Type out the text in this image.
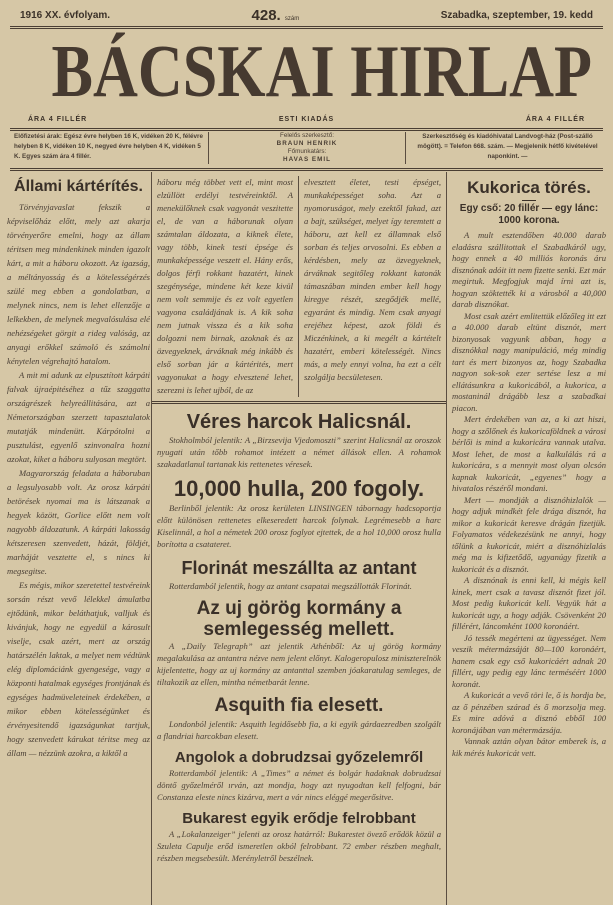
1916 XX. évfolyam.	428. szám	Szabadka, szeptember, 19. kedd
BÁCSKAI HIRLAP
ÁRA 4 FILLÉR	ESTI KIADÁS	ÁRA 4 FILLÉR
Előfizetési árak: Egész évre helyben 16 K, vidéken 20 K, félévre helyben 8 K, vidéken 10 K, negyed évre helyben 4 K, vidéken 5 K. Egyes szám ára 4 fillér.
Felelős szerkesztő:
BRAUN HENRIK
Főmunkatárs:
HAVAS EMIL
Szerkesztőség és kiadóhivatal Landvogt-ház (Post-szálló mögött). = Telefon 668. szám. — Megjelenik hétfő kivételével naponkint. —
Állami kártérítés.

Törvényjavaslat fekszik a képviselőház előtt, mely azt akarja törvényerőre emelni, hogy az állam téritsen meg mindenkinek minden igazolt kárt, a mit a háboru okozott. Az igazság, a méltányosság és a kötelességérzés szülé meg ebben a gondolatban, a melynek nincs, nem is lehet ellenzője a lelkekben, de melynek megvalósulása elé nehézségeket görgit a rideg valóság, az anyagi erőkkel számoló és számolni kénytelen végrehajtó hatalom.

A mit mi adunk az elpusztított kárpáti falvak újraépitéséhez a tűz szaggatta országrészek helyreállitására, azt a Németországban szerzett tapasztalatok mutatják mindenütt. Kárpótolni a pusztulást, egyenlő szinvonalra hozni azokat, kiket a háboru sulyosan megtört.

Magyarország feladata a háboruban a legsulyosabb volt. Az orosz kárpáti betörések nyomai ma is látszanak a hegyek között, Gorlice előtt nem volt nagyobb áldozatunk. A kárpáti lakosság kétszeresen szenvedett, házát, földjét, marháját vesztette el, s nincs ki megsegitse.

Es mégis, mikor szeretettel testvéreink sorsán részt vevő lélekkel ámulatba ejtődünk, mikor beláthatjuk, valljuk és kivánjuk, hogy ne egyedül a károsult viselje, csak azért, mert az ország határszélén laktak, a melyet nem védtünk elég diplomáciánk gyengesége, vagy a központi hatalmak egységes frontjának és egységes hadmüveleteinek érdekében, a mikor ebben kötelességünket és érvényesitendő igazságunkat tartjuk, hogy szenvedett kárukat téritse meg az állam — nézzünk azokra, a kiktől a

háboru még többet vett el, mint most elzüllött erdélyi testvéreinktől. A menekülőknek csak vagyonát veszitette el, de van a háborunak olyan számtalan áldozata, a kiknek élete, vagy több, kinek testi épsége és munkaképessége veszett el. Hány erős, dolgos férfi rokkant hazatért, kinek szegénysége, mindene két keze kivül nem volt semmije és ez volt egyetlen vagyona családjának is. A kik soha nem jutnak vissza és a kik soha dolgozni nem birnak, azoknak és az özvegyeknek, árváknak még inkább és első sorban jár a kártérités, mert vagyonukat a hogy elvesztené lehet, szerezni is lehet ujból, de az
elvesztett életet, testi épséget, munkaképességet soha. Azt a nyomoruságot, mely ezektől fakad, azt a bajt, szükséget, melyet így teremtett a háboru, azt kell ez államnak első sorban és teljes orvosolni. Es ebben a kérdésben, mely az özvegyeknek, árváknak segitőleg rokkant katonák támaszában minden ember kell hogy kiregye részét, szegődjék mellé, egyaránt és mindig. Nem csak anyagi erejéhez képest, azok földi és Miczénkinek, a ki megélt a kártételt hazatért, emberi kötelességét. Nincs más, a mely ennyi volna, ha ezt a célt szolgálja becsületesen.
Véres harcok Halicsnál.

Stokholmból jelentik: A „Birzsevija Vjedomoszti” szerint Halicsnál az oroszok nyugati után tőbb rohamot intézett a német állások ellen. A rohamok szakadatlanul tartanak kis rettenetes véresek.

10,000 hulla, 200 fogoly.

Berlinből jelentik: Az orosz kerületen LINSINGEN tábornagy hadcsoportja előtt különösen rettenetes elkeseredett harcok folynak. Legrémesebb a harc Kiselinnál, a hol a németek 200 orosz foglyot ejtettek, de a hol 10,000 orosz hulla borította a csatateret.

Florinát meszállta az antant

Rotterdamból jelentik, hogy az antant csapatai megszállották Florinát.

Az uj görög kormány a semlegesség mellett.

A „Daily Telegraph” azt jelentik Athénből: Az uj görög kormány megalakulása az antantra nézve nem jelent előnyt. Kalogeropulosz miniszterelnök kijelentette, hogy az uj kormány az antanttal szemben jóakaratulag semleges, de tiltakozik az ellen, mintha németbarát lenne.

Asquith fia elesett.

Londonból jelentik: Asquith legidősebb fia, a ki egyik gárdaezredben szolgált a flandriai harcokban elesett.

Angolok a dobrudzsai győzelemről

Rotterdamból jelentik: A „Times” a német és bolgár hadaknak dobrudzsai döntő győzelméről ırván, azt mondja, hogy azt nyugodtan kell felfogni, bár Constanza eleste nincs kizárva, mert a vár nincs eléggé megerősitve.

Bukarest egyik erődje felrobbant

A „Lokalanzeiger” jelenti az orosz határról: Bukarestet övező erődök közül a Szuleta Capulje erőd ismeretlen okból felrobbant. 72 ember részben meghalt, részben megsebesült. Merényletről beszélnek.

Kukorica törés.
Egy cső: 20 fillér — egy lánc: 1000 korona.

A mult esztendőben 40.000 darab eladásra szállitottak el Szabadkáról ugy, hogy ennek a 40 milliós koronás áru disznónak adóit itt nem fizette senki. Ezt már megirtuk. Megfogjuk majd írni azt is, hogyan szöktették ki a városból a 40,000 darab disznókat.

Most csak azért emlitettük előzőleg itt ezt a 40.000 darab eltünt disznót, mert bizonyosak vagyunk abban, hogy a disznókkal nagy manipuláció, még mindig tart és mert bizonyos az, hogy Szabadka nagyon sok-sok ezer sertése lesz a mi ellátásunkra a kukoricából, a kukorica, a mostaninál drágább lesz a szabadkai piacon.

Mert érdekében van az, a ki azt hiszi, hogy a szőlőnek és kukoricaföldnek a városi bérlői is mind a kukoricára vannak utalva. Most lehet, de most a kalkulálás rá a kukoricára, s a mennyit most olyan olcsón kapnak kukoricát, „egyenes” hogy a hivatalos részéről mondani.

Mert — mondják a disznóhizlalók — hogy adjuk mindkét fele drága disznót, ha mikor a kukoricát keresve drágán fizetjük. Folyamatos védekezésünk ne annyi, hogy tőlünk a kukoricát, miért a disznóhizlalás még ma is kifizetődő, ugyanúgy fizetik a kukoricát és a disznót.

A disznónak is enni kell, ki mégis kell kinek, mert csak a tavasz disznót fizet jól. Most pedig kukoricát kell. Vegyük hát a kukoricát ugy, a hogy adják. Csövenként 20 fillérért, láncomként 1000 koronáért.

Jó tessék megérteni az ügyességet. Nem veszik métermázsáját 80—100 koronáért, hanem csak egy cső kukoricáért adnak 20 fillért, ugy pedig egy lánc terméséért 1000 koronát.

A kukoricát a vevő töri le, ő is hordja be, az ő pénzében szárad és ő morzsolja meg. Es mire adóvá a disznó ebből 100 koronájában van métermázsája.

Vannak aztán olyan bátor emberek is, a kik mérés kukoricát vett.
